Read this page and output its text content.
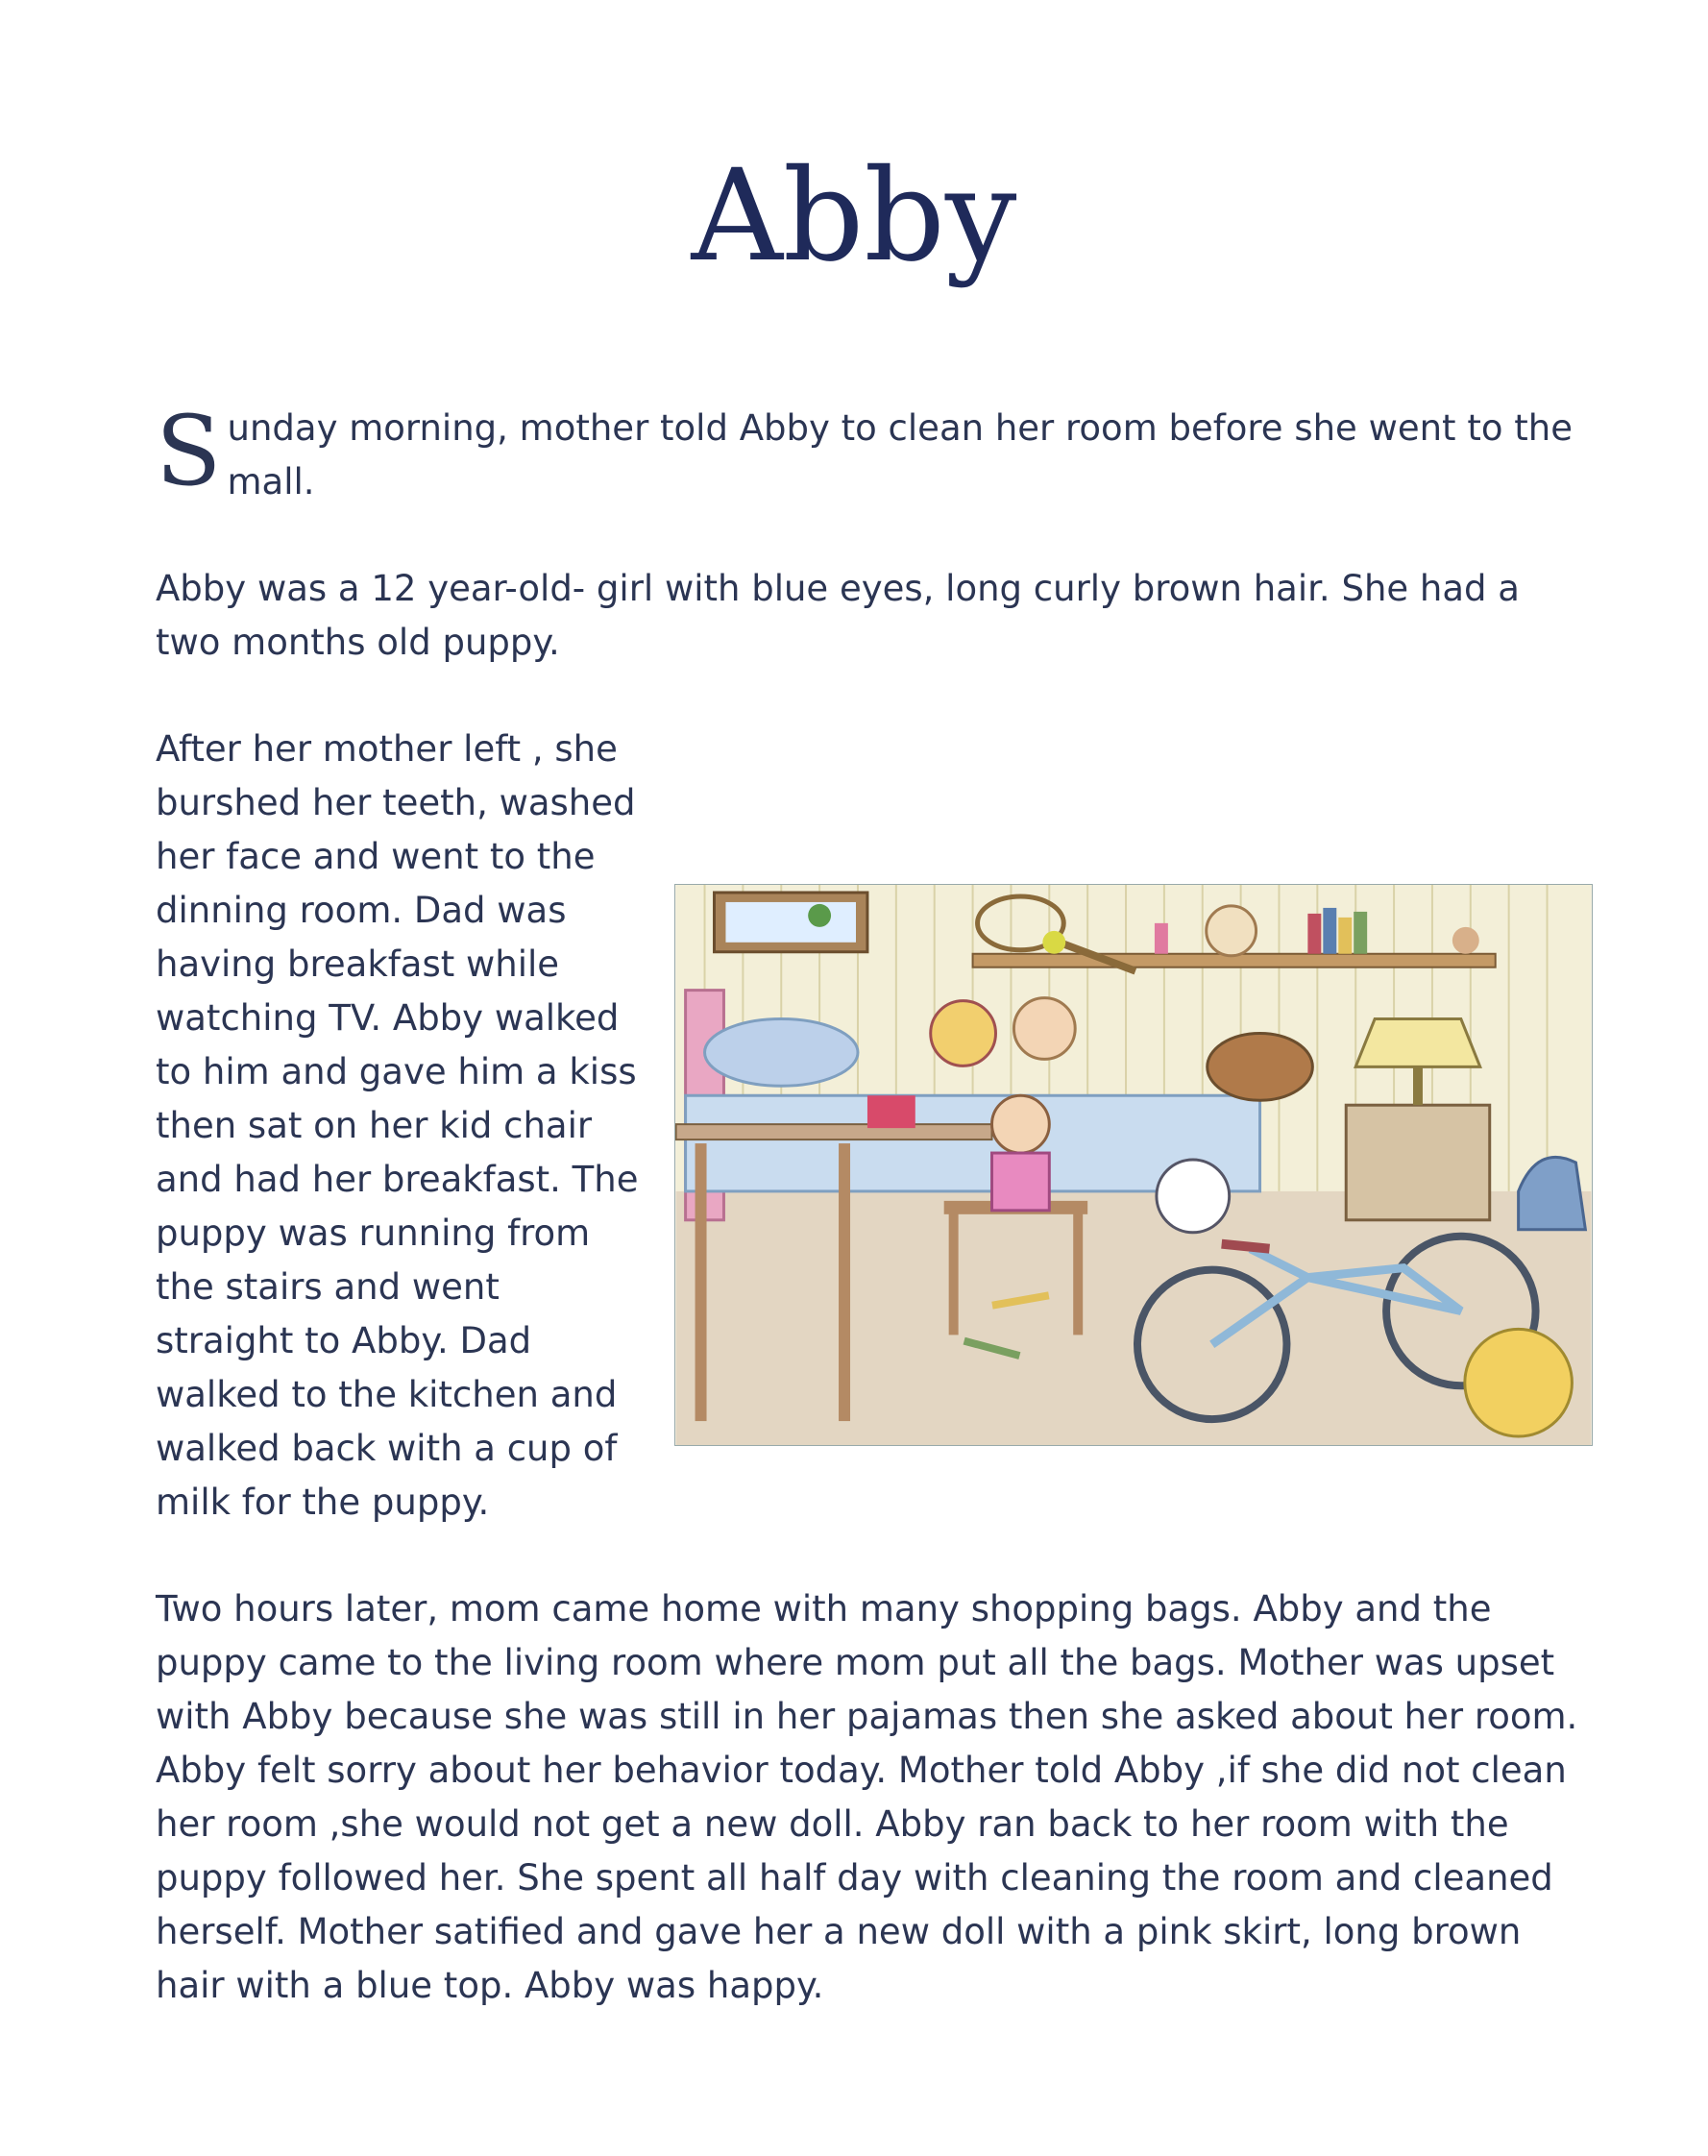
Abby

Sunday morning, mother told Abby to clean her room before she went to the mall.

Abby was a 12 year-old- girl with blue eyes, long curly brown hair. She had a two months old puppy.

After her mother left , she burshed her teeth, washed her face and went to the dinning room. Dad was having breakfast while watching TV. Abby walked to him and gave him a kiss then sat on her kid chair and had her breakfast. The puppy was running from the stairs and went straight to Abby. Dad walked to the kitchen and walked back with a cup of milk for the puppy.

Two hours later, mom came home with many shopping bags. Abby and the puppy came to the living room where mom put all the bags. Mother was upset with Abby because she was still in her pajamas then she asked about her room. Abby felt sorry about her behavior today. Mother told Abby ,if she did not clean her room ,she would not get a new doll. Abby ran back to her room with the puppy followed her. She spent all half day with cleaning the room and cleaned herself. Mother satified and gave her a new doll with a pink skirt, long brown hair with a blue top. Abby was happy.
